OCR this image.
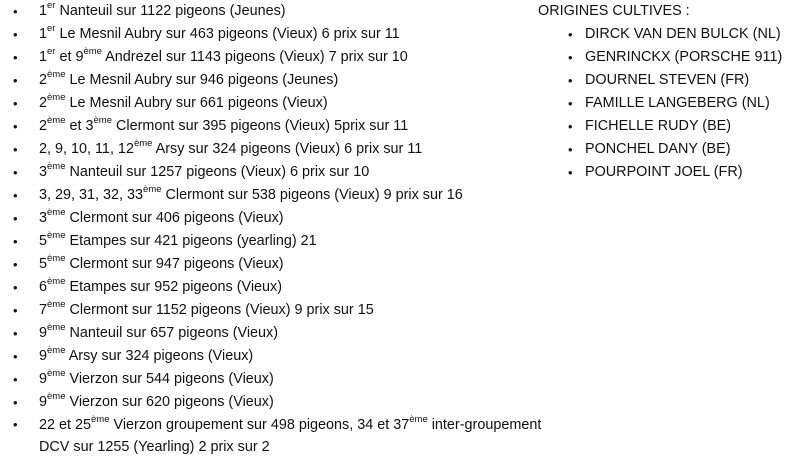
• 1er Nanteuil sur 1122 pigeons (Jeunes)
• 1er Le Mesnil Aubry sur 463 pigeons (Vieux) 6 prix sur 11
• 1er et 9ème Andrezel sur 1143 pigeons (Vieux) 7 prix sur 10
• 2ème Le Mesnil Aubry sur 946 pigeons (Jeunes)
• 2ème Le Mesnil Aubry sur 661 pigeons (Vieux)
• 2ème et 3ème Clermont sur 395 pigeons (Vieux) 5prix sur 11
• 2, 9, 10, 11, 12ème Arsy sur 324 pigeons (Vieux) 6 prix sur 11
• 3ème Nanteuil sur 1257 pigeons (Vieux) 6 prix sur 10
• 3, 29, 31, 32, 33ème Clermont sur 538 pigeons (Vieux) 9 prix sur 16
• 3ème Clermont sur 406 pigeons (Vieux)
• 5ème Etampes sur 421 pigeons (yearling) 21
• 5ème Clermont sur 947 pigeons (Vieux)
• 6ème Etampes sur 952 pigeons (Vieux)
• 7ème Clermont sur 1152 pigeons (Vieux) 9 prix sur 15
• 9ème Nanteuil sur 657 pigeons (Vieux)
• 9ème Arsy sur 324 pigeons (Vieux)
• 9ème Vierzon sur 544 pigeons (Vieux)
• 9ème Vierzon sur 620 pigeons (Vieux)
• 22 et 25ème Vierzon groupement sur 498 pigeons, 34 et 37ème inter-groupement DCV sur 1255 (Yearling) 2 prix sur 2
ORIGINES CULTIVES :
• DIRCK VAN DEN BULCK (NL)
• GENRINCKX (PORSCHE 911)
• DOURNEL STEVEN (FR)
• FAMILLE LANGEBERG (NL)
• FICHELLE RUDY (BE)
• PONCHEL DANY (BE)
• POURPOINT JOEL (FR)
